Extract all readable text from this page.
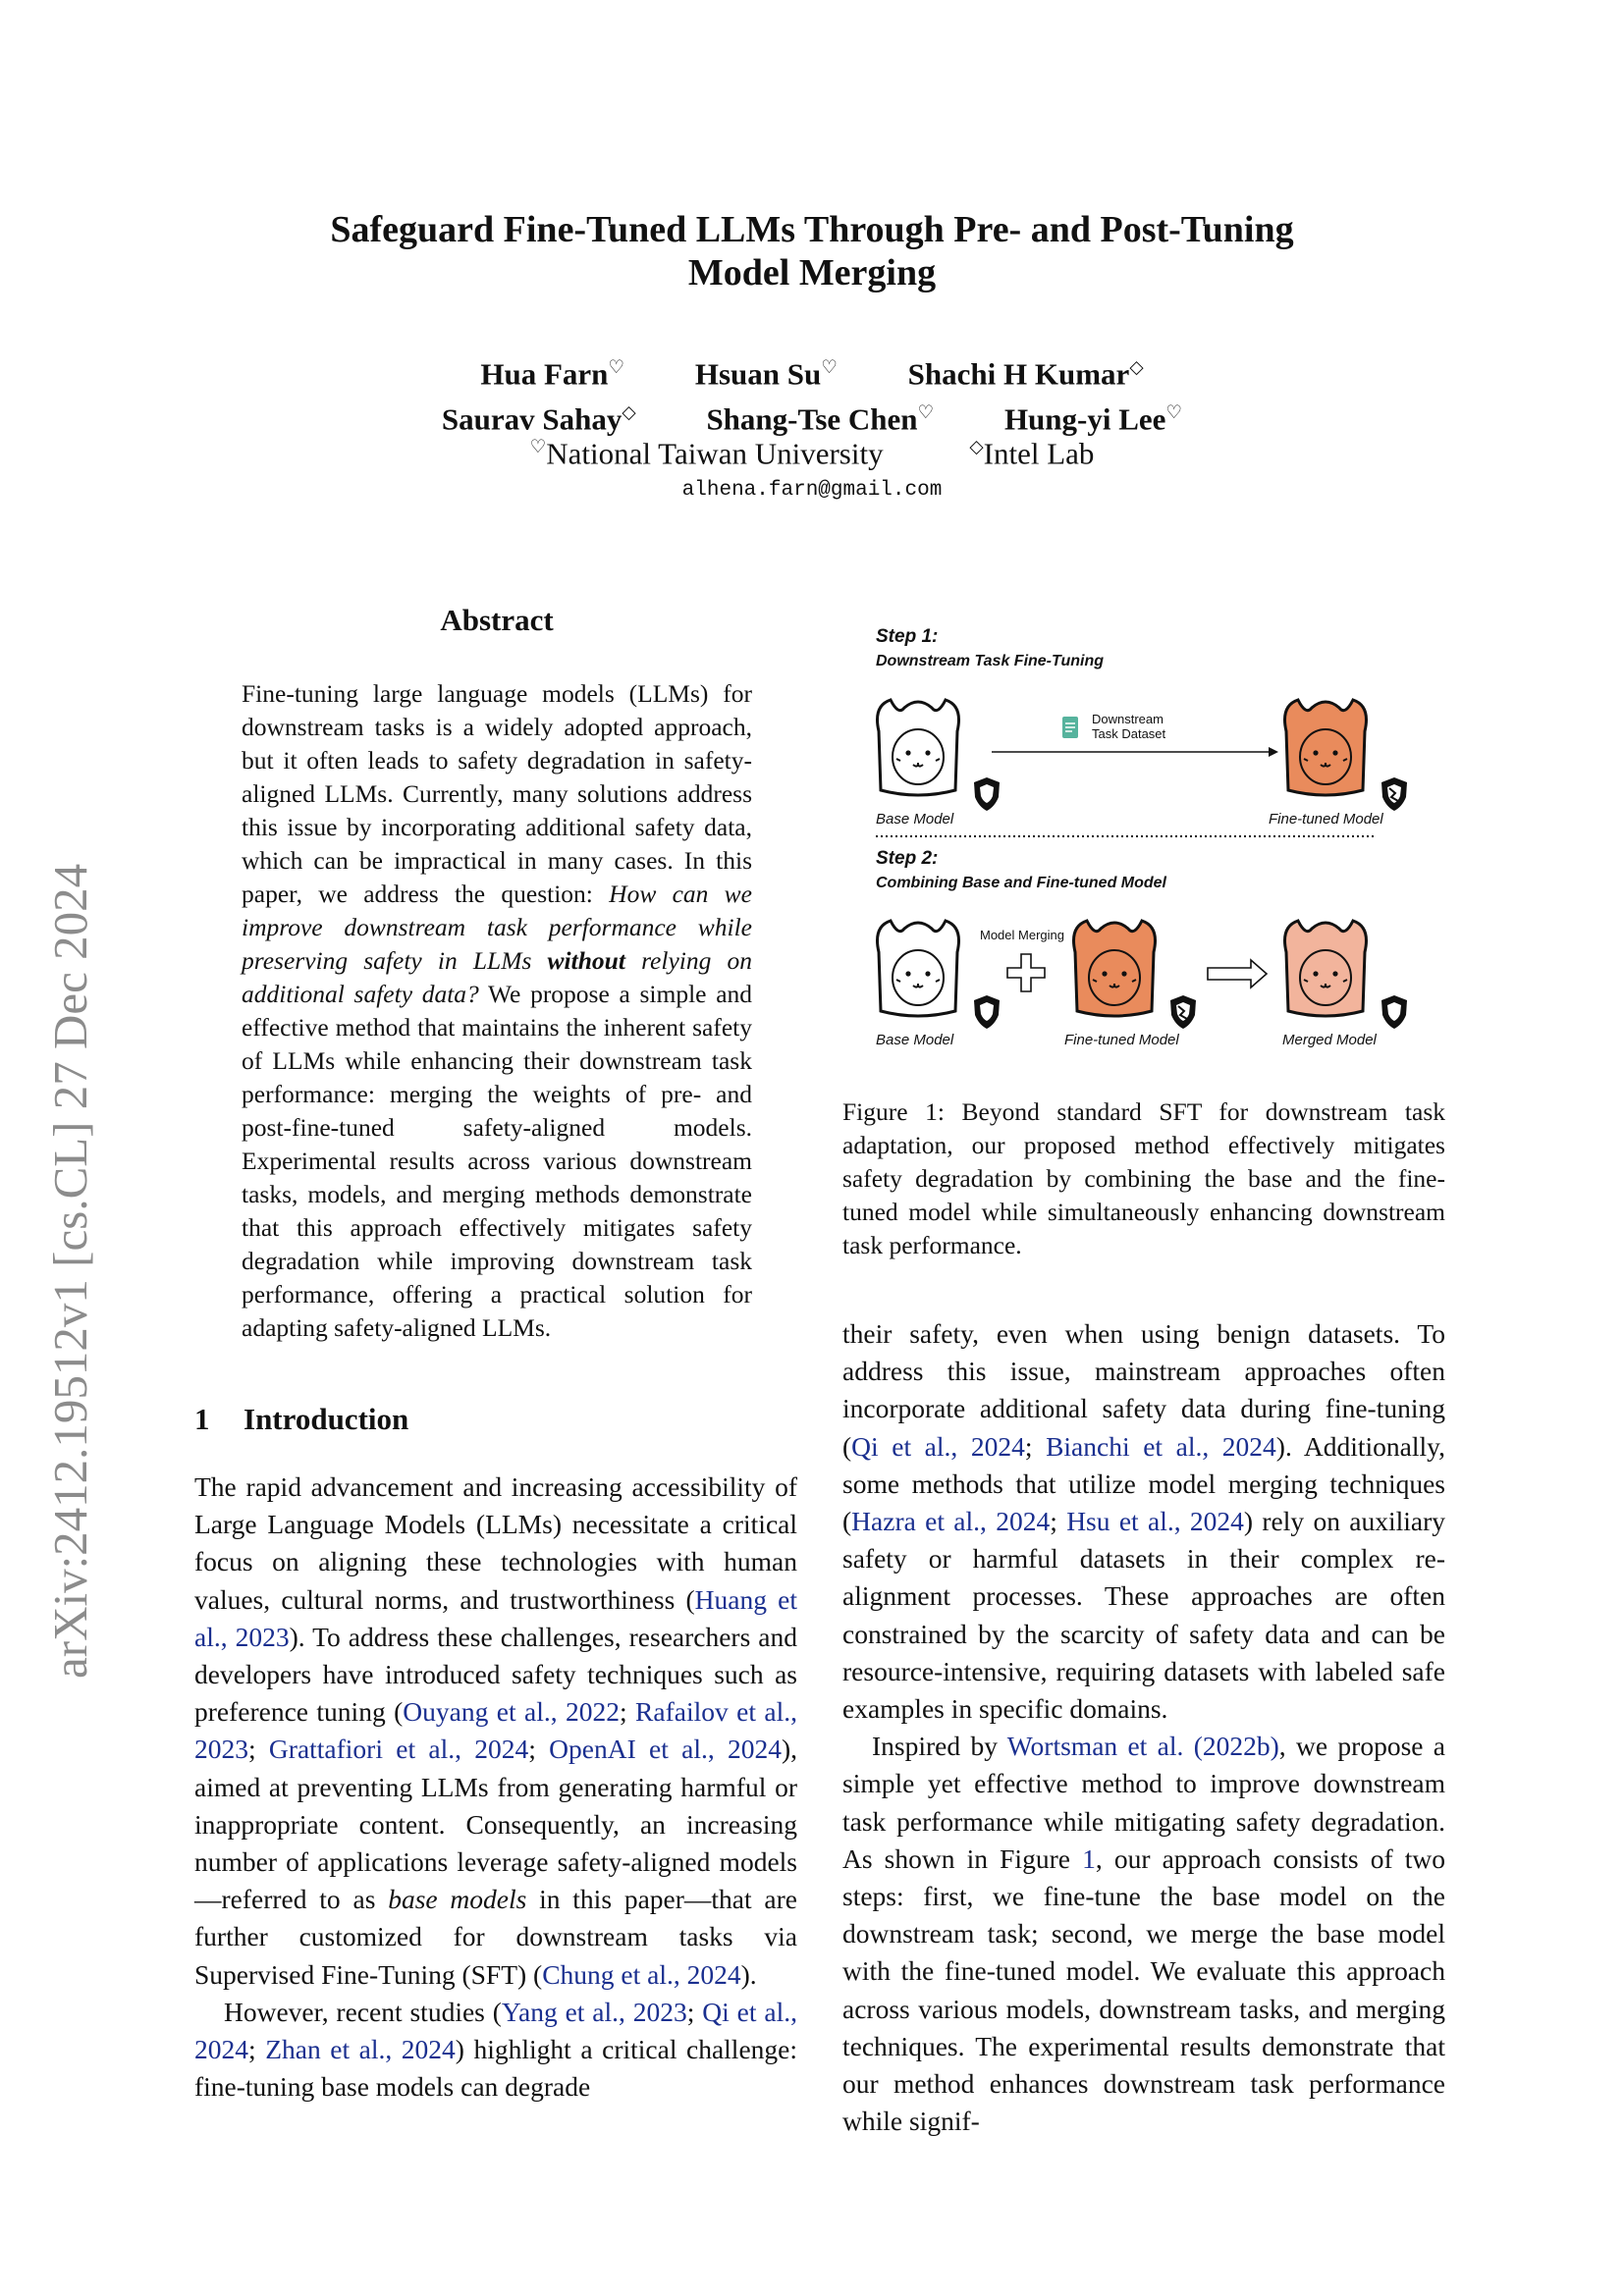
arXiv:2412.19512v1 [cs.CL] 27 Dec 2024
Safeguard Fine-Tuned LLMs Through Pre- and Post-Tuning
Model Merging
Hua Farn♡ Hsuan Su♡ Shachi H Kumar◇
Saurav Sahay◇ Shang-Tse Chen♡ Hung-yi Lee♡
♡National Taiwan University	◇Intel Lab
alhena.farn@gmail.com
Abstract
Fine-tuning large language models (LLMs) for downstream tasks is a widely adopted approach, but it often leads to safety degradation in safety-aligned LLMs. Currently, many solutions address this issue by incorporating additional safety data, which can be impractical in many cases. In this paper, we address the question: How can we improve downstream task performance while preserving safety in LLMs without relying on additional safety data? We propose a simple and effective method that maintains the inherent safety of LLMs while enhancing their downstream task performance: merging the weights of pre- and post-fine-tuned safety-aligned models. Experimental results across various downstream tasks, models, and merging methods demonstrate that this approach effectively mitigates safety degradation while improving downstream task performance, offering a practical solution for adapting safety-aligned LLMs.
1 Introduction

The rapid advancement and increasing accessibility of Large Language Models (LLMs) necessitate a critical focus on aligning these technologies with human values, cultural norms, and trustworthiness (Huang et al., 2023). To address these challenges, researchers and developers have introduced safety techniques such as preference tuning (Ouyang et al., 2022; Rafailov et al., 2023; Grattafiori et al., 2024; OpenAI et al., 2024), aimed at preventing LLMs from generating harmful or inappropriate content. Consequently, an increasing number of applications leverage safety-aligned models—referred to as base models in this paper—that are further customized for downstream tasks via Supervised Fine-Tuning (SFT) (Chung et al., 2024).

However, recent studies (Yang et al., 2023; Qi et al., 2024; Zhan et al., 2024) highlight a critical challenge: fine-tuning base models can degrade

Step 1:
Downstream Task Fine-Tuning
Downstream
Task Dataset
Base Model	Fine-tuned Model
Step 2:
Combining Base and Fine-tuned Model
Model Merging
Base Model	Fine-tuned Model	Merged Model
Figure 1: Beyond standard SFT for downstream task adaptation, our proposed method effectively mitigates safety degradation by combining the base and the fine-tuned model while simultaneously enhancing downstream task performance.

their safety, even when using benign datasets. To address this issue, mainstream approaches often incorporate additional safety data during fine-tuning (Qi et al., 2024; Bianchi et al., 2024). Additionally, some methods that utilize model merging techniques (Hazra et al., 2024; Hsu et al., 2024) rely on auxiliary safety or harmful datasets in their complex re-alignment processes. These approaches are often constrained by the scarcity of safety data and can be resource-intensive, requiring datasets with labeled safe examples in specific domains.

Inspired by Wortsman et al. (2022b), we propose a simple yet effective method to improve downstream task performance while mitigating safety degradation. As shown in Figure 1, our approach consists of two steps: first, we fine-tune the base model on the downstream task; second, we merge the base model with the fine-tuned model. We evaluate this approach across various models, downstream tasks, and merging techniques. The experimental results demonstrate that our method enhances downstream task performance while signif-
